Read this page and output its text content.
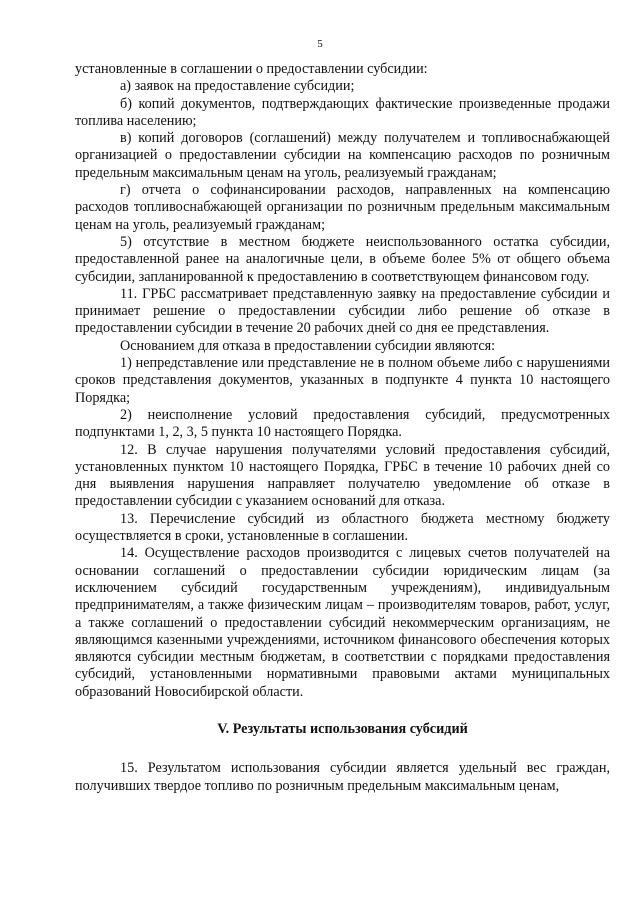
5

установленные в соглашении о предоставлении субсидии:

а) заявок на предоставление субсидии;

б) копий документов, подтверждающих фактические произведенные продажи топлива населению;

в) копий договоров (соглашений) между получателем и топливоснабжающей организацией о предоставлении субсидии на компенсацию расходов по розничным предельным максимальным ценам на уголь, реализуемый гражданам;

г) отчета о софинансировании расходов, направленных на компенсацию расходов топливоснабжающей организации по розничным предельным максимальным ценам на уголь, реализуемый гражданам;

5) отсутствие в местном бюджете неиспользованного остатка субсидии, предоставленной ранее на аналогичные цели, в объеме более 5% от общего объема субсидии, запланированной к предоставлению в соответствующем финансовом году.

11. ГРБС рассматривает представленную заявку на предоставление субсидии и принимает решение о предоставлении субсидии либо решение об отказе в предоставлении субсидии в течение 20 рабочих дней со дня ее представления.

Основанием для отказа в предоставлении субсидии являются:

1) непредставление или представление не в полном объеме либо с нарушениями сроков представления документов, указанных в подпункте 4 пункта 10 настоящего Порядка;

2) неисполнение условий предоставления субсидий, предусмотренных подпунктами 1, 2, 3, 5 пункта 10 настоящего Порядка.

12. В случае нарушения получателями условий предоставления субсидий, установленных пунктом 10 настоящего Порядка, ГРБС в течение 10 рабочих дней со дня выявления нарушения направляет получателю уведомление об отказе в предоставлении субсидии с указанием оснований для отказа.

13. Перечисление субсидий из областного бюджета местному бюджету осуществляется в сроки, установленные в соглашении.

14. Осуществление расходов производится с лицевых счетов получателей на основании соглашений о предоставлении субсидии юридическим лицам (за исключением субсидий государственным учреждениям), индивидуальным предпринимателям, а также физическим лицам – производителям товаров, работ, услуг, а также соглашений о предоставлении субсидий некоммерческим организациям, не являющимся казенными учреждениями, источником финансового обеспечения которых являются субсидии местным бюджетам, в соответствии с порядками предоставления субсидий, установленными нормативными правовыми актами муниципальных образований Новосибирской области.

V. Результаты использования субсидий

15. Результатом использования субсидии является удельный вес граждан, получивших твердое топливо по розничным предельным максимальным ценам,
